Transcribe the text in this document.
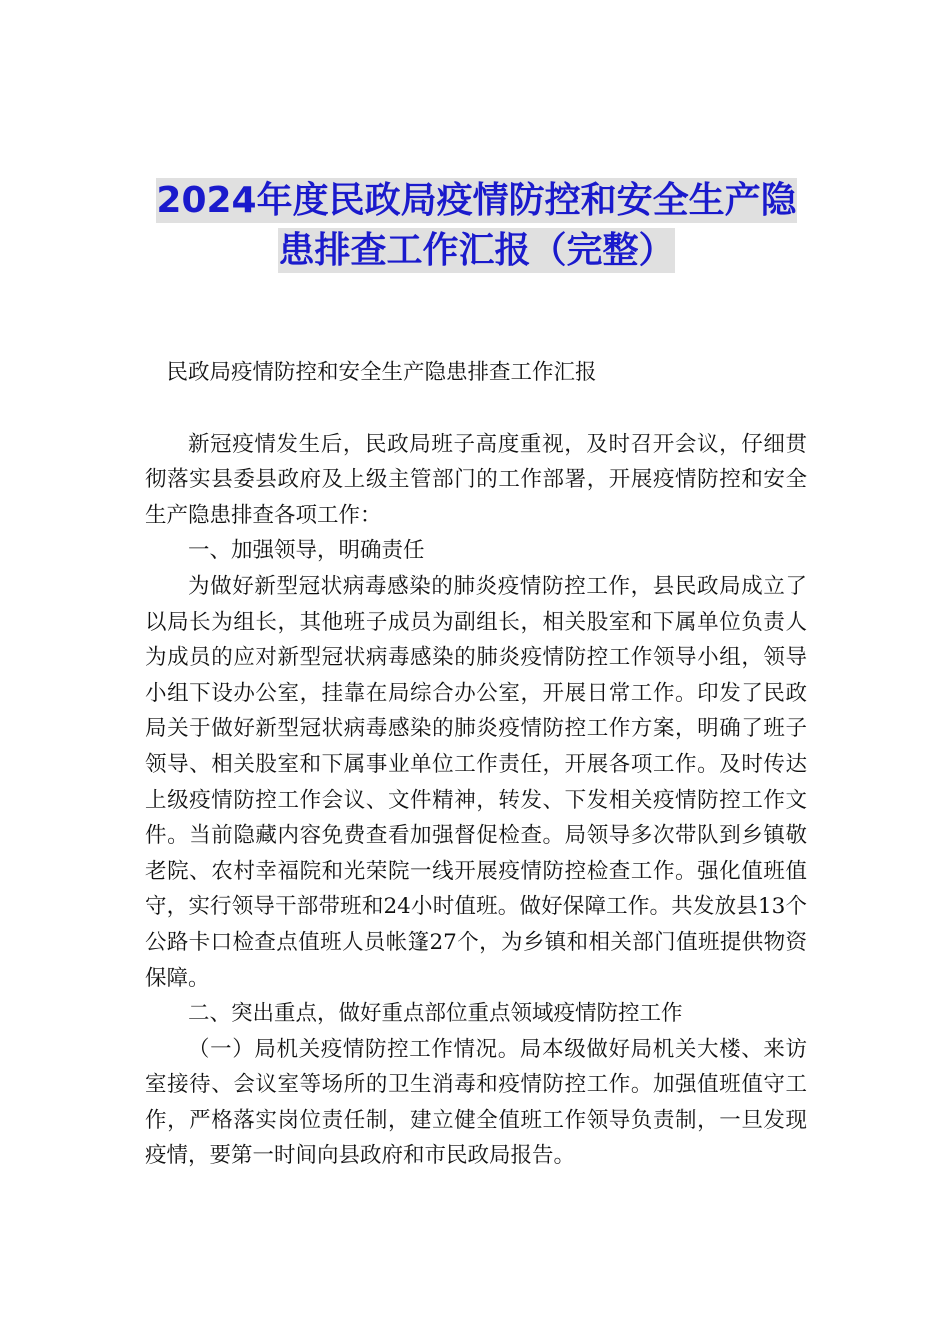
2024年度民政局疫情防控和安全生产隐患排查工作汇报（完整）

民政局疫情防控和安全生产隐患排查工作汇报

新冠疫情发生后，民政局班子高度重视，及时召开会议，仔细贯彻落实县委县政府及上级主管部门的工作部署，开展疫情防控和安全生产隐患排查各项工作：

一、加强领导，明确责任

为做好新型冠状病毒感染的肺炎疫情防控工作，县民政局成立了以局长为组长，其他班子成员为副组长，相关股室和下属单位负责人为成员的应对新型冠状病毒感染的肺炎疫情防控工作领导小组，领导小组下设办公室，挂靠在局综合办公室，开展日常工作。印发了民政局关于做好新型冠状病毒感染的肺炎疫情防控工作方案，明确了班子领导、相关股室和下属事业单位工作责任，开展各项工作。及时传达上级疫情防控工作会议、文件精神，转发、下发相关疫情防控工作文件。当前隐藏内容免费查看加强督促检查。局领导多次带队到乡镇敬老院、农村幸福院和光荣院一线开展疫情防控检查工作。强化值班值守，实行领导干部带班和24小时值班。做好保障工作。共发放县13个公路卡口检查点值班人员帐篷27个，为乡镇和相关部门值班提供物资保障。

二、突出重点，做好重点部位重点领域疫情防控工作

（一）局机关疫情防控工作情况。局本级做好局机关大楼、来访室接待、会议室等场所的卫生消毒和疫情防控工作。加强值班值守工作，严格落实岗位责任制，建立健全值班工作领导负责制，一旦发现疫情，要第一时间向县政府和市民政局报告。
